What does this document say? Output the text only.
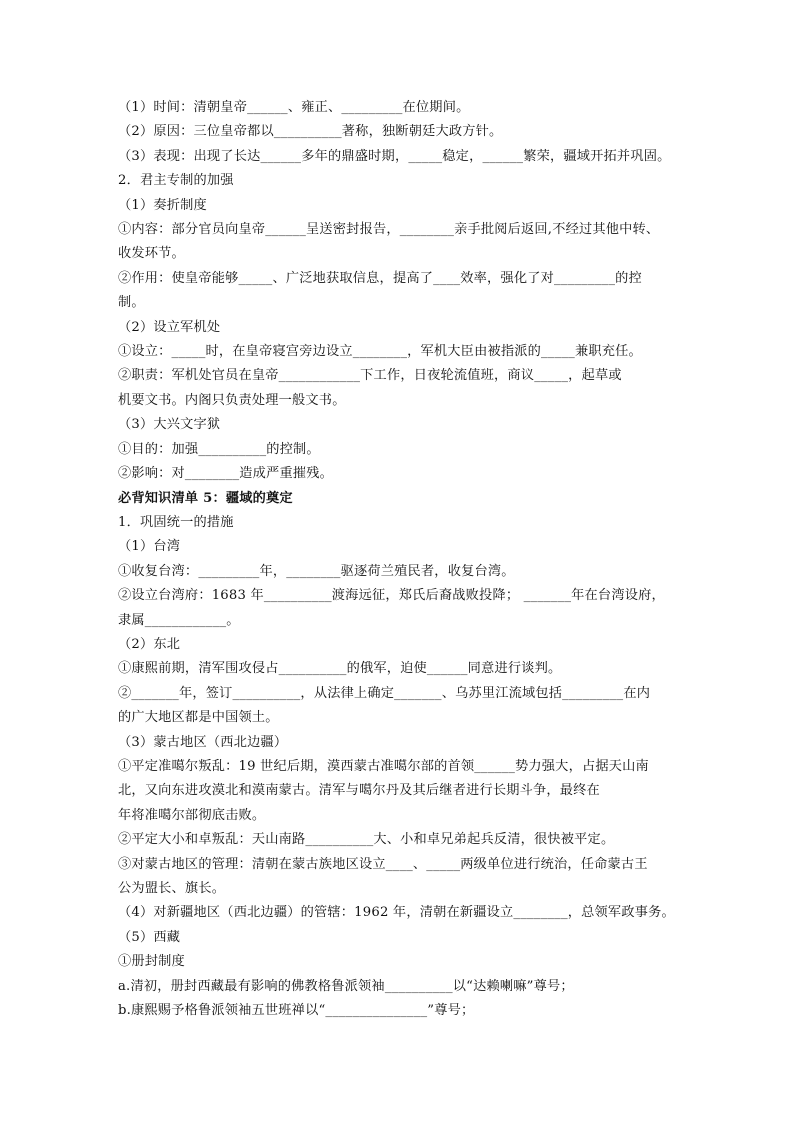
（1）时间：清朝皇帝______、雍正、_________在位期间。
（2）原因：三位皇帝都以__________著称，独断朝廷大政方针。
（3）表现：出现了长达______多年的鼎盛时期，_____稳定，______繁荣，疆域开拓并巩固。
2．君主专制的加强
（1）奏折制度
①内容：部分官员向皇帝______呈送密封报告，________亲手批阅后返回,不经过其他中转、
收发环节。
②作用：使皇帝能够_____、广泛地获取信息，提高了____效率，强化了对_________的控
制。
（2）设立军机处
①设立：_____时，在皇帝寝宫旁边设立________，军机大臣由被指派的_____兼职充任。
②职责：军机处官员在皇帝____________下工作，日夜轮流值班，商议_____，起草或
机要文书。内阁只负责处理一般文书。
（3）大兴文字狱
①目的：加强__________的控制。
②影响：对________造成严重摧残。
必背知识清单 5：疆域的奠定
1．巩固统一的措施
（1）台湾
①收复台湾：_________年，________驱逐荷兰殖民者，收复台湾。
②设立台湾府：1683 年__________渡海远征，郑氏后裔战败投降； _______年在台湾设府，
隶属____________。
（2）东北
①康熙前期，清军围攻侵占__________的俄军，迫使______同意进行谈判。
②_______年，签订__________，从法律上确定_______、乌苏里江流域包括_________在内
的广大地区都是中国领土。
（3）蒙古地区（西北边疆）
①平定准噶尔叛乱：19 世纪后期，漠西蒙古准噶尔部的首领______势力强大，占据天山南
北，又向东进攻漠北和漠南蒙古。清军与噶尔丹及其后继者进行长期斗争，最终在
年将准噶尔部彻底击败。
②平定大小和卓叛乱：天山南路__________大、小和卓兄弟起兵反清，很快被平定。
③对蒙古地区的管理：清朝在蒙古族地区设立____、_____两级单位进行统治，任命蒙古王
公为盟长、旗长。
（4）对新疆地区（西北边疆）的管辖：1962 年，清朝在新疆设立________，总领军政事务。
（5）西藏
①册封制度
a.清初，册封西藏最有影响的佛教格鲁派领袖__________以“达赖喇嘛”尊号；
b.康熙赐予格鲁派领袖五世班禅以“_______________”尊号；
